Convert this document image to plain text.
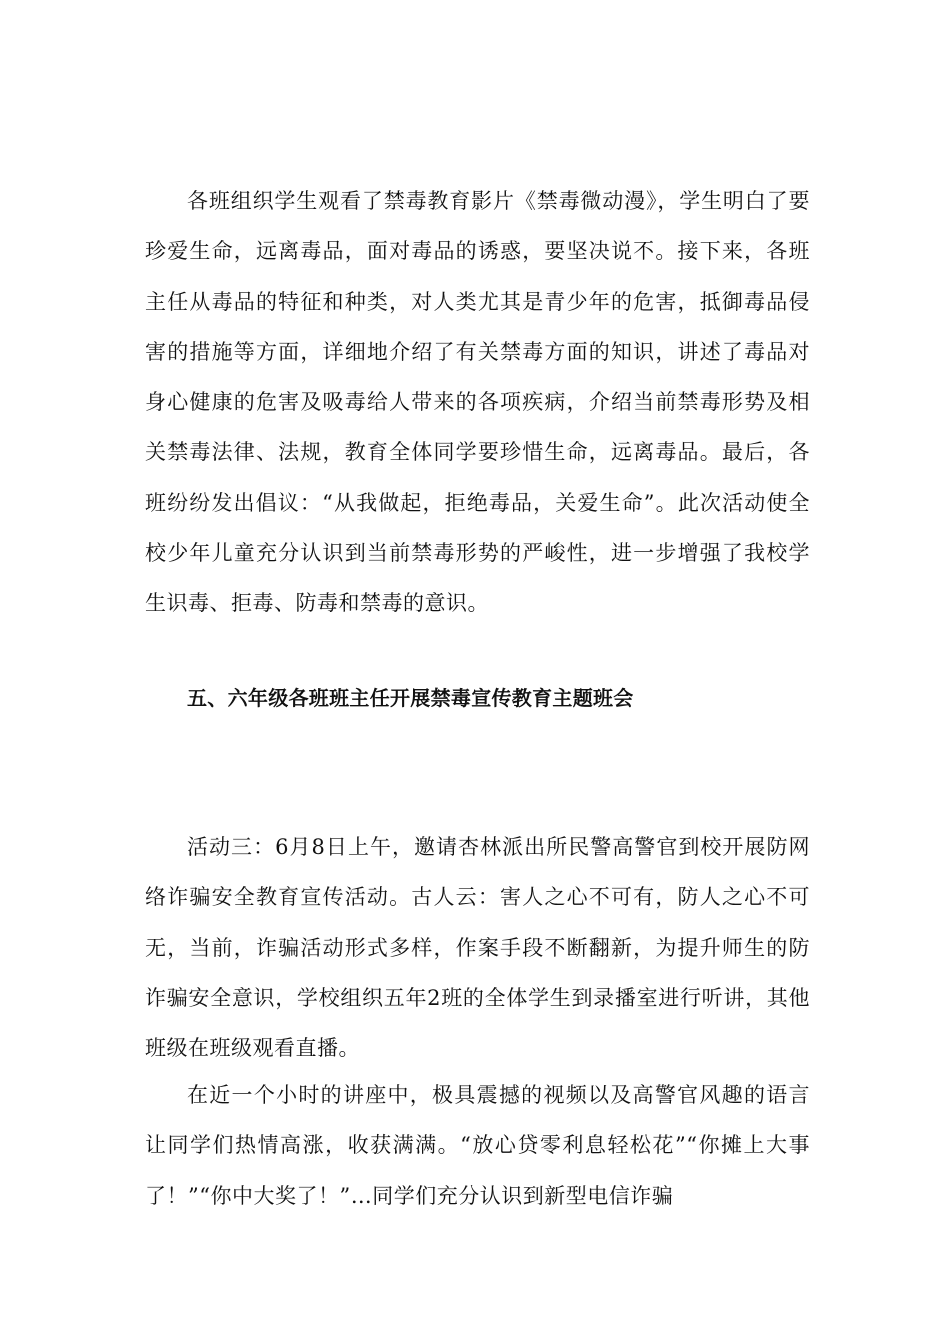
各班组织学生观看了禁毒教育影片《禁毒微动漫》，学生明白了要珍爱生命，远离毒品，面对毒品的诱惑，要坚决说不。接下来，各班主任从毒品的特征和种类，对人类尤其是青少年的危害，抵御毒品侵害的措施等方面，详细地介绍了有关禁毒方面的知识，讲述了毒品对身心健康的危害及吸毒给人带来的各项疾病，介绍当前禁毒形势及相关禁毒法律、法规，教育全体同学要珍惜生命，远离毒品。最后，各班纷纷发出倡议：“从我做起，拒绝毒品，关爱生命”。此次活动使全校少年儿童充分认识到当前禁毒形势的严峻性，进一步增强了我校学生识毒、拒毒、防毒和禁毒的意识。

五、六年级各班班主任开展禁毒宣传教育主题班会

活动三：6月8日上午，邀请杏林派出所民警高警官到校开展防网络诈骗安全教育宣传活动。古人云：害人之心不可有，防人之心不可无，当前，诈骗活动形式多样，作案手段不断翻新，为提升师生的防诈骗安全意识，学校组织五年2班的全体学生到录播室进行听讲，其他班级在班级观看直播。

在近一个小时的讲座中，极具震撼的视频以及高警官风趣的语言让同学们热情高涨，收获满满。“放心贷零利息轻松花”“你摊上大事了！”“你中大奖了！”…同学们充分认识到新型电信诈骗
